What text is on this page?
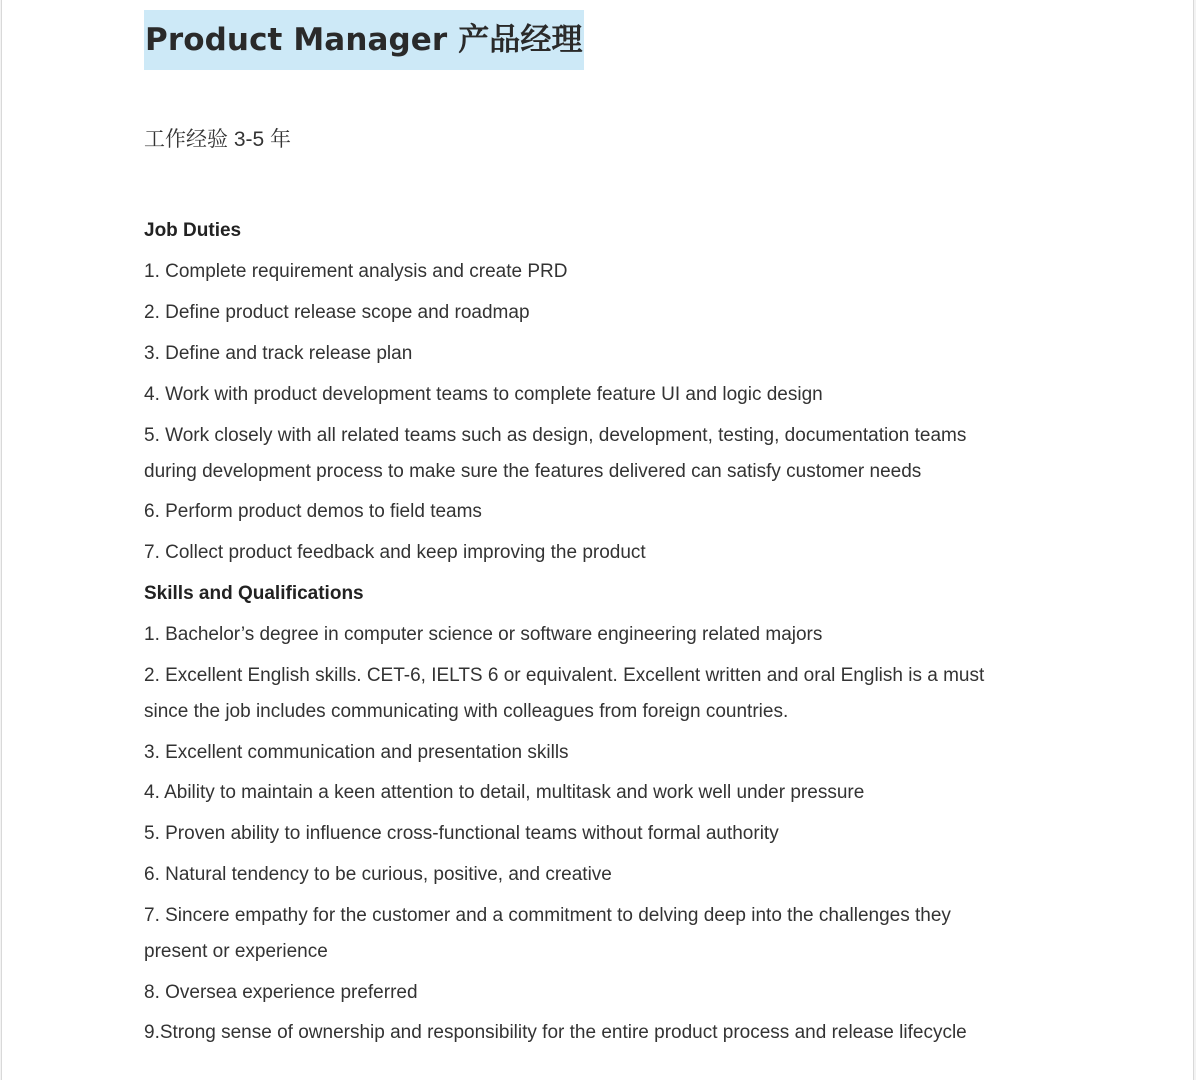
Product Manager 产品经理
工作经验 3-5 年
Job Duties
1. Complete requirement analysis and create PRD
2. Define product release scope and roadmap
3. Define and track release plan
4. Work with product development teams to complete feature UI and logic design
5. Work closely with all related teams such as design, development, testing, documentation teams
during development process to make sure the features delivered can satisfy customer needs
6. Perform product demos to field teams
7. Collect product feedback and keep improving the product
Skills and Qualifications
1. Bachelor’s degree in computer science or software engineering related majors
2. Excellent English skills. CET-6, IELTS 6 or equivalent. Excellent written and oral English is a must
since the job includes communicating with colleagues from foreign countries.
3. Excellent communication and presentation skills
4. Ability to maintain a keen attention to detail, multitask and work well under pressure
5. Proven ability to influence cross-functional teams without formal authority
6. Natural tendency to be curious, positive, and creative
7. Sincere empathy for the customer and a commitment to delving deep into the challenges they
present or experience
8. Oversea experience preferred
9.Strong sense of ownership and responsibility for the entire product process and release lifecycle
